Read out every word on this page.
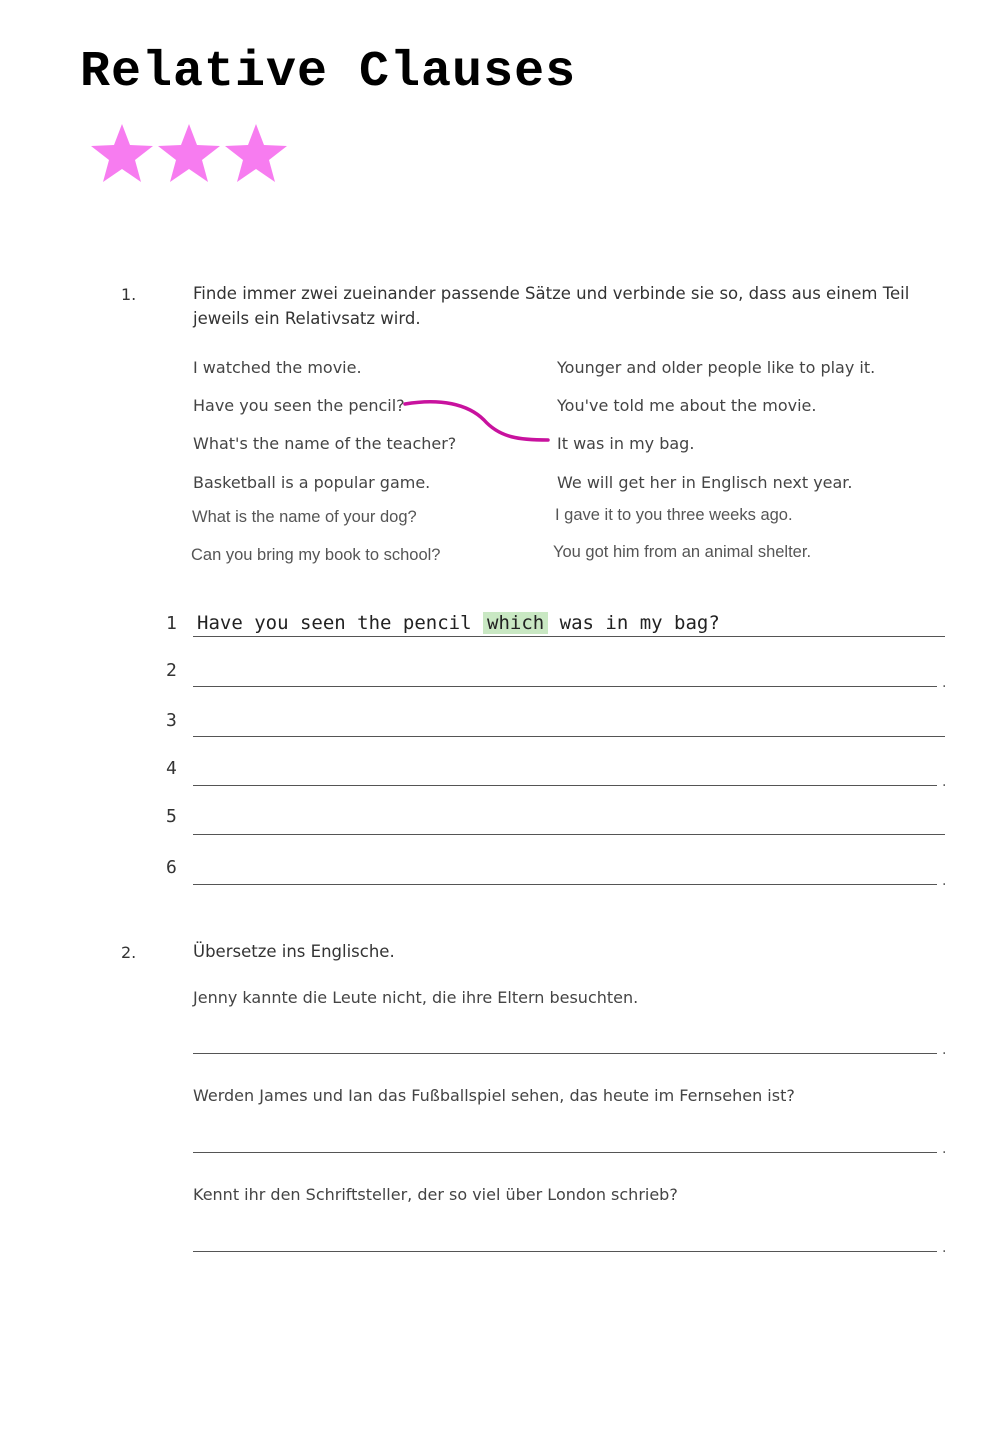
Relative Clauses
1.	Finde immer zwei zueinander passende Sätze und verbinde sie so, dass aus einem Teil jeweils ein Relativsatz wird.
I watched the movie.
Have you seen the pencil?
What's the name of the teacher?
Basketball is a popular game.
What is the name of your dog?
Can you bring my book to school?
Younger and older people like to play it.
You've told me about the movie.
It was in my bag.
We will get her in Englisch next year.
I gave it to you three weeks ago.
You got him from an animal shelter.
1 Have you seen the pencil which was in my bag?
2
.
3
4
.
5
6
.
2.	Übersetze ins Englische.
Jenny kannte die Leute nicht, die ihre Eltern besuchten.
.
Werden James und Ian das Fußballspiel sehen, das heute im Fernsehen ist?
.
Kennt ihr den Schriftsteller, der so viel über London schrieb?
.
